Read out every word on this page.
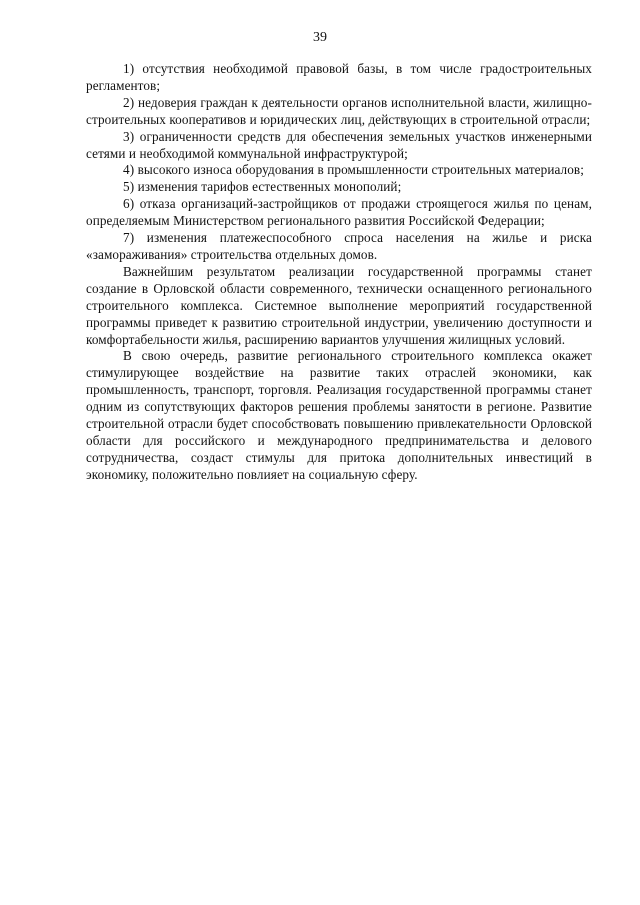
39

1) отсутствия необходимой правовой базы, в том числе градостроительных регламентов;

2) недоверия граждан к деятельности органов исполнительной власти, жилищно-строительных кооперативов и юридических лиц, действующих в строительной отрасли;

3) ограниченности средств для обеспечения земельных участков инженерными сетями и необходимой коммунальной инфраструктурой;

4) высокого износа оборудования в промышленности строительных материалов;

5) изменения тарифов естественных монополий;

6) отказа организаций-застройщиков от продажи строящегося жилья по ценам, определяемым Министерством регионального развития Российской Федерации;

7) изменения платежеспособного спроса населения на жилье и риска «замораживания» строительства отдельных домов.

Важнейшим результатом реализации государственной программы станет создание в Орловской области современного, технически оснащенного регионального строительного комплекса. Системное выполнение мероприятий государственной программы приведет к развитию строительной индустрии, увеличению доступности и комфортабельности жилья, расширению вариантов улучшения жилищных условий.

В свою очередь, развитие регионального строительного комплекса окажет стимулирующее воздействие на развитие таких отраслей экономики, как промышленность, транспорт, торговля. Реализация государственной программы станет одним из сопутствующих факторов решения проблемы занятости в регионе. Развитие строительной отрасли будет способствовать повышению привлекательности Орловской области для российского и международного предпринимательства и делового сотрудничества, создаст стимулы для притока дополнительных инвестиций в экономику, положительно повлияет на социальную сферу.
